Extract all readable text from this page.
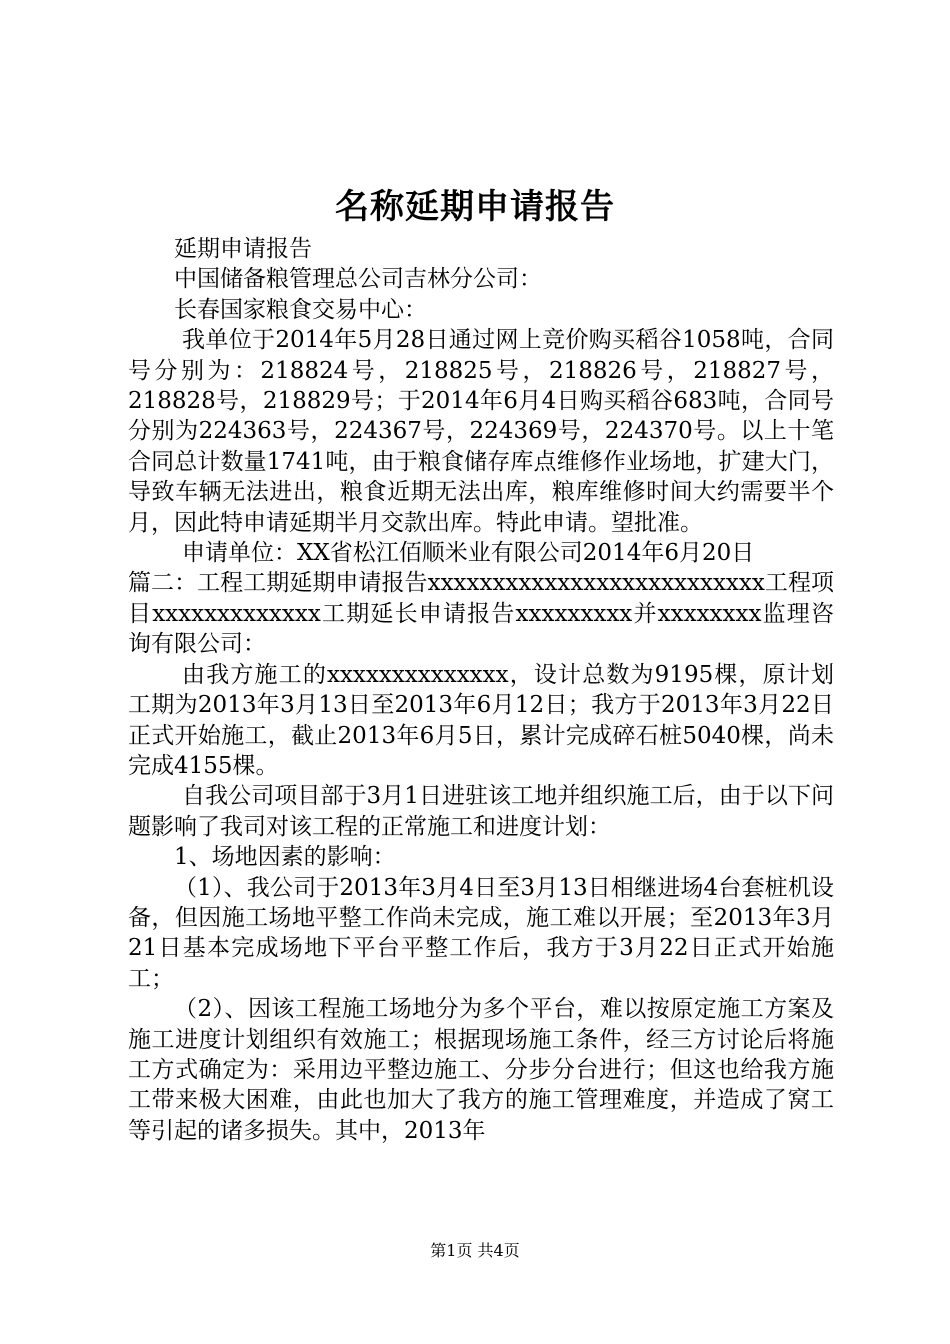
名称延期申请报告

延期申请报告

中国储备粮管理总公司吉林分公司：

长春国家粮食交易中心：

我单位于2014年5月28日通过网上竞价购买稻谷1058吨，合同号分别为：218824号，218825号，218826号，218827号，218828号，218829号；于2014年6月4日购买稻谷683吨，合同号分别为224363号，224367号，224369号，224370号。以上十笔合同总计数量1741吨，由于粮食储存库点维修作业场地，扩建大门，导致车辆无法进出，粮食近期无法出库，粮库维修时间大约需要半个月，因此特申请延期半月交款出库。特此申请。望批准。

申请单位：XX省松江佰顺米业有限公司2014年6月20日

篇二：工程工期延期申请报告xxxxxxxxxxxxxxxxxxxxxxxxxx工程项目xxxxxxxxxxxxx工期延长申请报告xxxxxxxxx并xxxxxxxx监理咨询有限公司：

由我方施工的xxxxxxxxxxxxxx，设计总数为9195棵，原计划工期为2013年3月13日至2013年6月12日；我方于2013年3月22日正式开始施工，截止2013年6月5日，累计完成碎石桩5040棵，尚未完成4155棵。

自我公司项目部于3月1日进驻该工地并组织施工后，由于以下问题影响了我司对该工程的正常施工和进度计划：

1、场地因素的影响：

（1）、我公司于2013年3月4日至3月13日相继进场4台套桩机设备，但因施工场地平整工作尚未完成，施工难以开展；至2013年3月21日基本完成场地下平台平整工作后，我方于3月22日正式开始施工；

（2）、因该工程施工场地分为多个平台，难以按原定施工方案及施工进度计划组织有效施工；根据现场施工条件，经三方讨论后将施工方式确定为：采用边平整边施工、分步分台进行；但这也给我方施工带来极大困难，由此也加大了我方的施工管理难度，并造成了窝工等引起的诸多损失。其中，2013年

第1页 共4页
